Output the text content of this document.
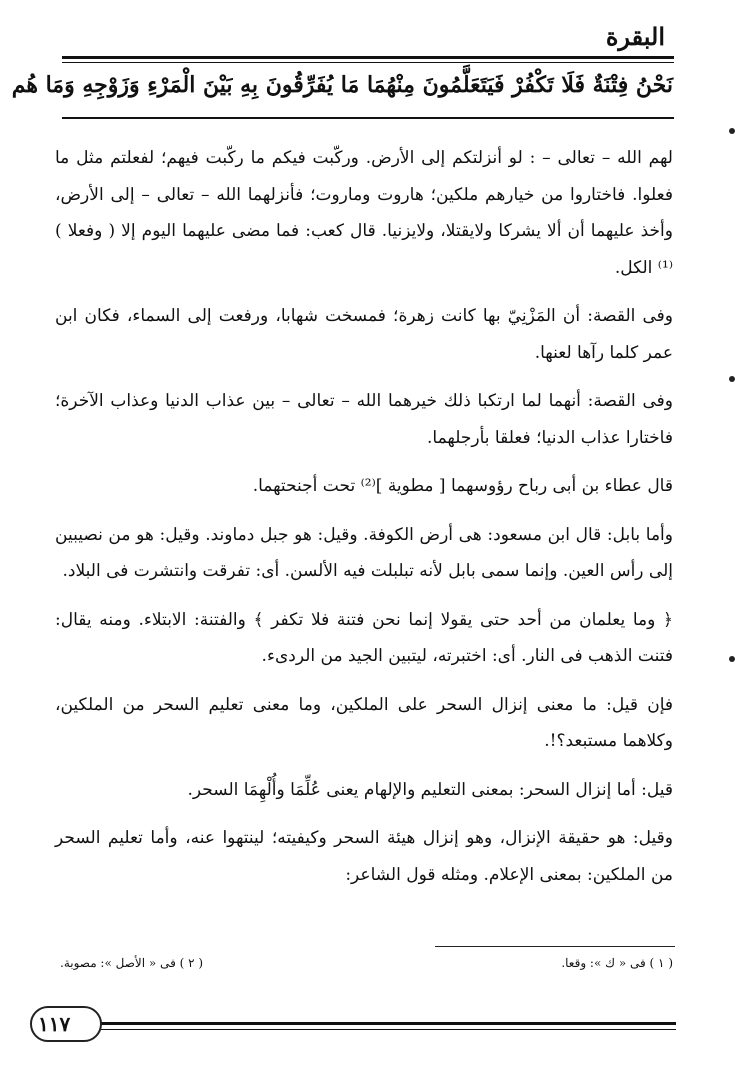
البقرة
نَحْنُ فِتْنَةٌ فَلَا تَكْفُرْ فَيَتَعَلَّمُونَ مِنْهُمَا مَا يُفَرِّقُونَ بِهِ بَيْنَ الْمَرْءِ وَزَوْجِهِ وَمَا هُم

لهم الله – تعالى – : لو أنزلتكم إلى الأرض. وركّبت فيكم ما ركّبت فيهم؛ لفعلتم مثل ما فعلوا. فاختاروا من خيارهم ملكين؛ هاروت وماروت؛ فأنزلهما الله – تعالى – إلى الأرض، وأخذ عليهما أن ألا يشركا ولايقتلا، ولايزنيا. قال كعب: فما مضى عليهما اليوم إلا ( وفعلا )⁽¹⁾ الكل.

وفى القصة: أن المَزْنِيّ بها كانت زهرة؛ فمسخت شهابا، ورفعت إلى السماء، فكان ابن عمر كلما رآها لعنها.

وفى القصة: أنهما لما ارتكبا ذلك خيرهما الله – تعالى – بين عذاب الدنيا وعذاب الآخرة؛ فاختارا عذاب الدنيا؛ فعلقا بأرجلهما.

قال عطاء بن أبى رباح رؤوسهما [ مطوية ]⁽²⁾ تحت أجنحتهما.

وأما بابل: قال ابن مسعود: هى أرض الكوفة. وقيل: هو جبل دماوند. وقيل: هو من نصيبين إلى رأس العين. وإنما سمى بابل لأنه تبلبلت فيه الألسن. أى: تفرقت وانتشرت فى البلاد.

﴿ وما يعلمان من أحد حتى يقولا إنما نحن فتنة فلا تكفر ﴾ والفتنة: الابتلاء. ومنه يقال: فتنت الذهب فى النار. أى: اختبرته، ليتبين الجيد من الردىء.

فإن قيل: ما معنى إنزال السحر على الملكين، وما معنى تعليم السحر من الملكين، وكلاهما مستبعد؟!.

قيل: أما إنزال السحر: بمعنى التعليم والإلهام يعنى عُلِّمَا وأُلْهِمَا السحر.

وقيل: هو حقيقة الإنزال، وهو إنزال هيئة السحر وكيفيته؛ لينتهوا عنه، وأما تعليم السحر من الملكين: بمعنى الإعلام. ومثله قول الشاعر:

( ١ ) فى « ك »: وقعا.
( ٢ ) فى « الأصل »: مصوبة.
١١٧
